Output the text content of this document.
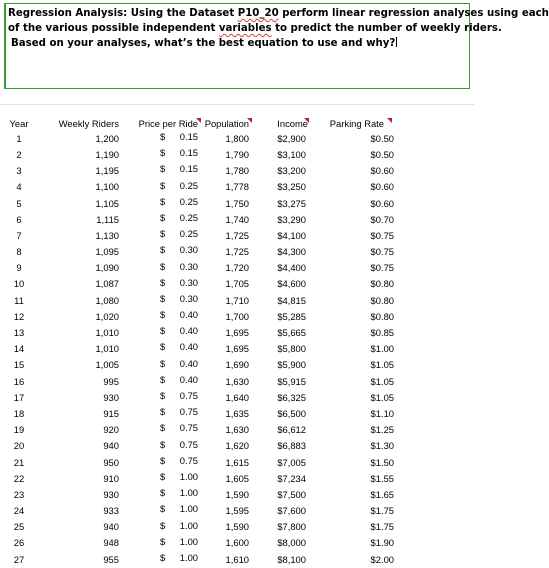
Regression Analysis: Using the Dataset P10_20 perform linear regression analyses using each
of the various possible independent variables to predict the number of weekly riders.
Based on your analyses, what’s the best equation to use and why?
Year	Weekly Riders	Price per Ride	Population	Income	Parking Rate

1	1,200	$ 0.15	1,800	$2,900	$0.50
2	1,190	$ 0.15	1,790	$3,100	$0.50
3	1,195	$ 0.15	1,780	$3,200	$0.60
4	1,100	$ 0.25	1,778	$3,250	$0.60
5	1,105	$ 0.25	1,750	$3,275	$0.60
6	1,115	$ 0.25	1,740	$3,290	$0.70
7	1,130	$ 0.25	1,725	$4,100	$0.75
8	1,095	$ 0.30	1,725	$4,300	$0.75
9	1,090	$ 0.30	1,720	$4,400	$0.75
10	1,087	$ 0.30	1,705	$4,600	$0.80
11	1,080	$ 0.30	1,710	$4,815	$0.80
12	1,020	$ 0.40	1,700	$5,285	$0.80
13	1,010	$ 0.40	1,695	$5,665	$0.85
14	1,010	$ 0.40	1,695	$5,800	$1.00
15	1,005	$ 0.40	1,690	$5,900	$1.05
16	995	$ 0.40	1,630	$5,915	$1.05
17	930	$ 0.75	1,640	$6,325	$1.05
18	915	$ 0.75	1,635	$6,500	$1.10
19	920	$ 0.75	1,630	$6,612	$1.25
20	940	$ 0.75	1,620	$6,883	$1.30
21	950	$ 0.75	1,615	$7,005	$1.50
22	910	$ 1.00	1,605	$7,234	$1.55
23	930	$ 1.00	1,590	$7,500	$1.65
24	933	$ 1.00	1,595	$7,600	$1.75
25	940	$ 1.00	1,590	$7,800	$1.75
26	948	$ 1.00	1,600	$8,000	$1.90
27	955	$ 1.00	1,610	$8,100	$2.00
